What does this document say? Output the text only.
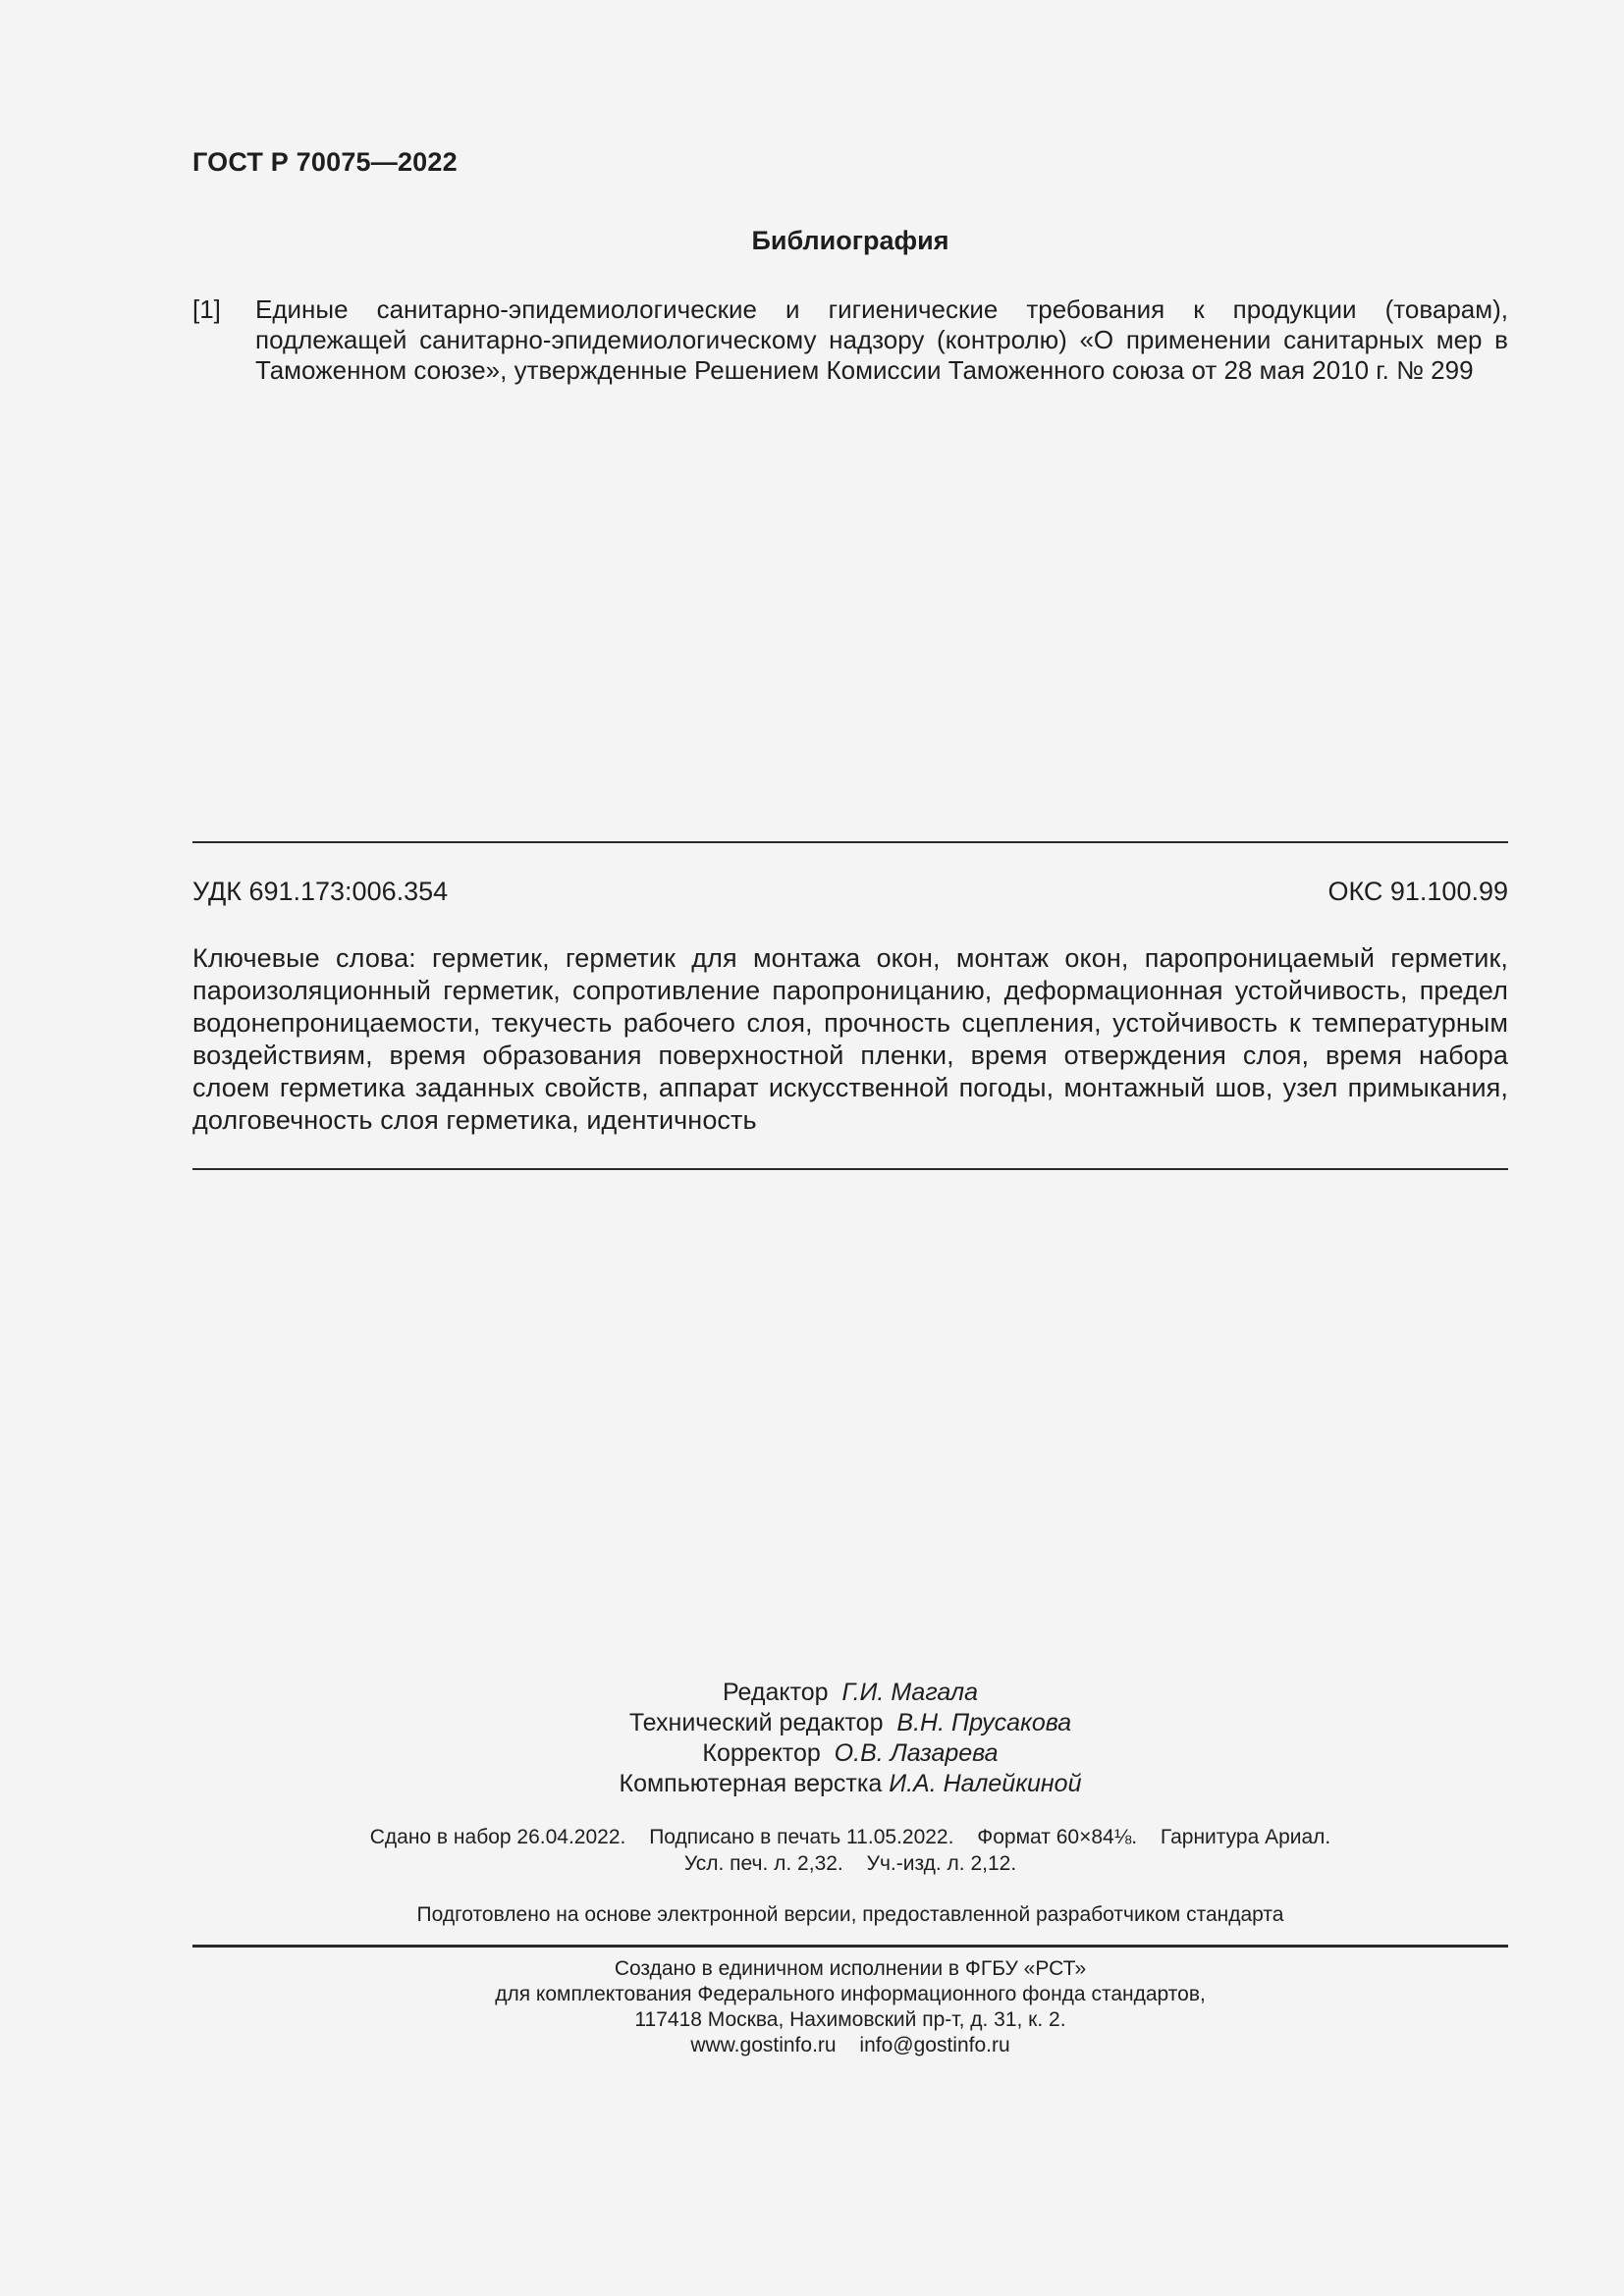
ГОСТ Р 70075—2022
Библиография
[1] Единые санитарно-эпидемиологические и гигиенические требования к продукции (товарам), подлежащей санитарно-эпидемиологическому надзору (контролю) «О применении санитарных мер в Таможенном союзе», утвержденные Решением Комиссии Таможенного союза от 28 мая 2010 г. № 299
УДК 691.173:006.354	ОКС 91.100.99
Ключевые слова: герметик, герметик для монтажа окон, монтаж окон, паропроницаемый герметик, пароизоляционный герметик, сопротивление паропроницанию, деформационная устойчивость, предел водонепроницаемости, текучесть рабочего слоя, прочность сцепления, устойчивость к температурным воздействиям, время образования поверхностной пленки, время отверждения слоя, время набора слоем герметика заданных свойств, аппарат искусственной погоды, монтажный шов, узел примыкания, долговечность слоя герметика, идентичность
Редактор Г.И. Магала
Технический редактор В.Н. Прусакова
Корректор О.В. Лазарева
Компьютерная верстка И.А. Налейкиной
Сдано в набор 26.04.2022. Подписано в печать 11.05.2022. Формат 60×84⅛. Гарнитура Ариал.
Усл. печ. л. 2,32. Уч.-изд. л. 2,12.
Подготовлено на основе электронной версии, предоставленной разработчиком стандарта
Создано в единичном исполнении в ФГБУ «РСТ»
для комплектования Федерального информационного фонда стандартов,
117418 Москва, Нахимовский пр-т, д. 31, к. 2.
www.gostinfo.ru info@gostinfo.ru
